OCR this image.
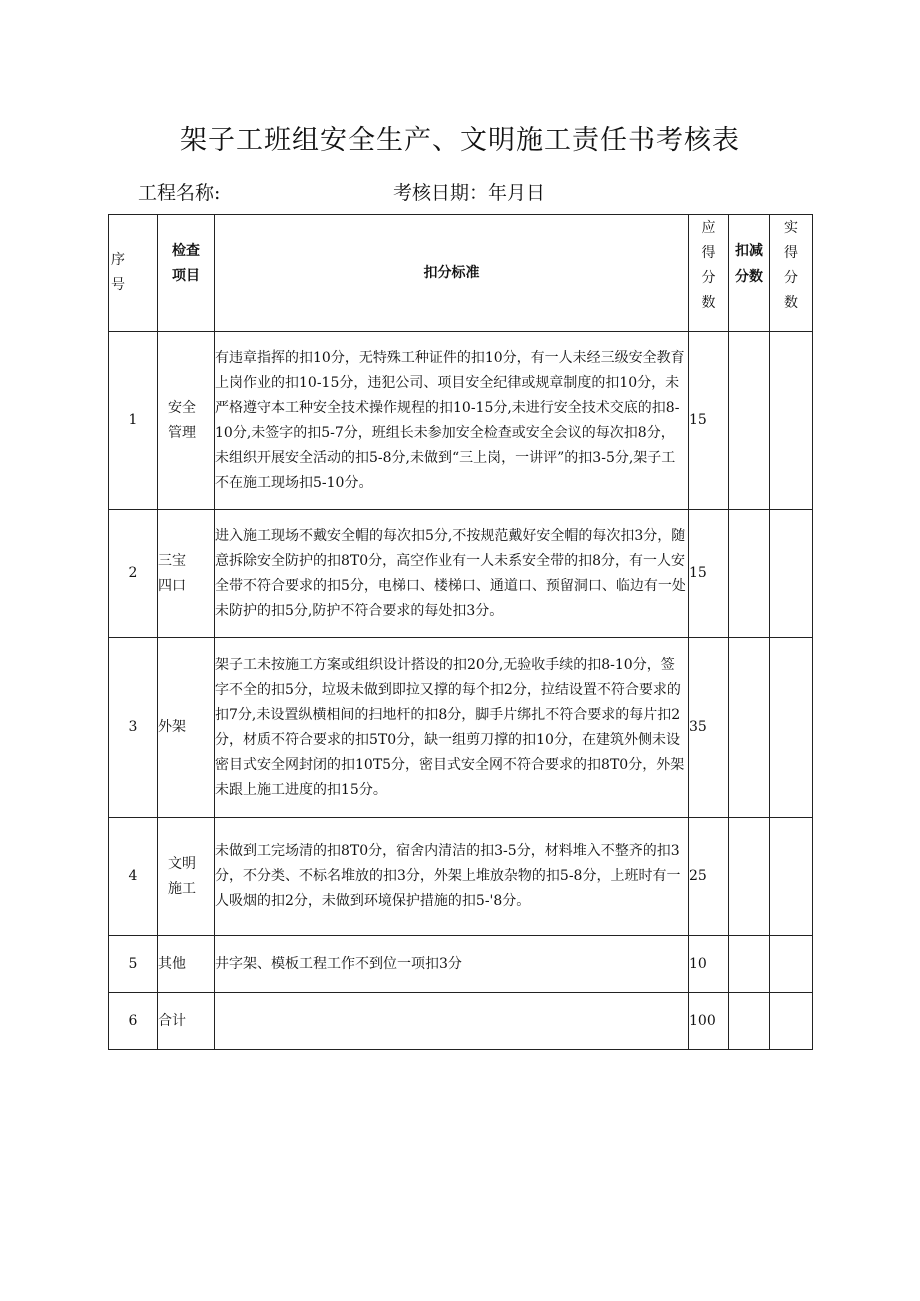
架子工班组安全生产、文明施工责任书考核表
工程名称:	考核日期：年月日
序号	检查项目	扣分标准	应得分数	扣减分数	实得分数

1	安全管理	有违章指挥的扣10分，无特殊工种证件的扣10分，有一人未经三级安全教育上岗作业的扣10-15分，违犯公司、项目安全纪律或规章制度的扣10分，未严格遵守本工种安全技术操作规程的扣10-15分,未进行安全技术交底的扣8-10分,未签字的扣5-7分，班组长未参加安全检查或安全会议的每次扣8分，未组织开展安全活动的扣5-8分,未做到“三上岗，一讲评”的扣3-5分,架子工不在施工现场扣5-10分。	15		
2	三宝四口	进入施工现场不戴安全帽的每次扣5分,不按规范戴好安全帽的每次扣3分，随意拆除安全防护的扣8T0分，高空作业有一人未系安全带的扣8分，有一人安全带不符合要求的扣5分，电梯口、楼梯口、通道口、预留洞口、临边有一处未防护的扣5分,防护不符合要求的每处扣3分。	15		
3	外架	架子工未按施工方案或组织设计搭设的扣20分,无验收手续的扣8-10分，签字不全的扣5分，垃圾未做到即拉又撑的每个扣2分，拉结设置不符合要求的扣7分,未设置纵横相间的扫地杆的扣8分，脚手片绑扎不符合要求的每片扣2分，材质不符合要求的扣5T0分，缺一组剪刀撑的扣10分，在建筑外侧未设密目式安全网封闭的扣10T5分，密目式安全网不符合要求的扣8T0分，外架未跟上施工进度的扣15分。	35		
4	文明施工	未做到工完场清的扣8T0分，宿舍内清洁的扣3-5分，材料堆入不整齐的扣3分，不分类、不标名堆放的扣3分，外架上堆放杂物的扣5-8分，上班时有一人吸烟的扣2分，未做到环境保护措施的扣5-'8分。	25		
5	其他	井字架、模板工程工作不到位一项扣3分	10		
6	合计		100		
